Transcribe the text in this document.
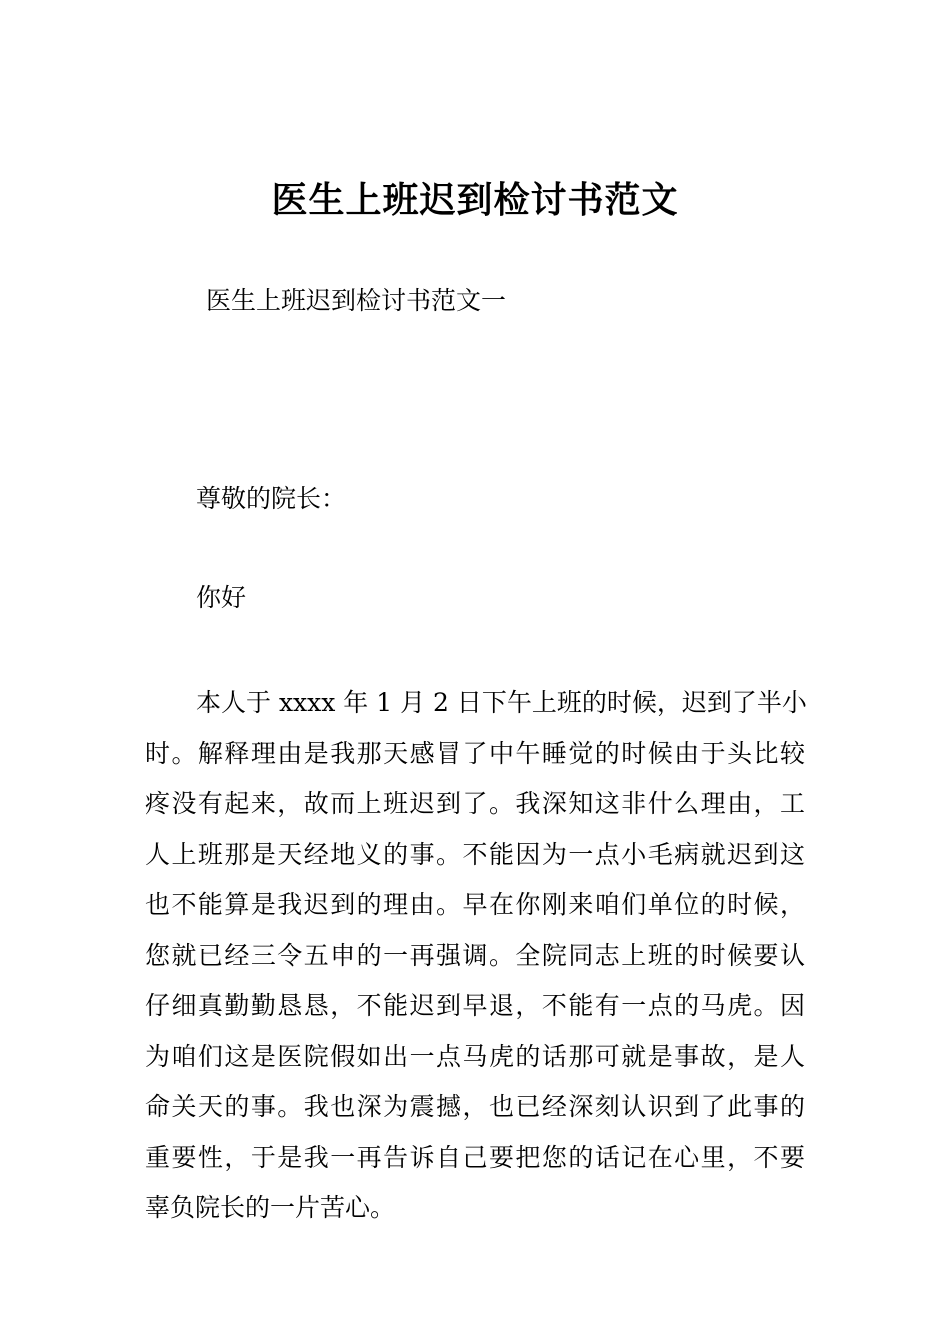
医生上班迟到检讨书范文
医生上班迟到检讨书范文一
尊敬的院长：
你好
本人于 xxxx 年 1 月 2 日下午上班的时候，迟到了半小
时。解释理由是我那天感冒了中午睡觉的时候由于头比较
疼没有起来，故而上班迟到了。我深知这非什么理由，工
人上班那是天经地义的事。不能因为一点小毛病就迟到这
也不能算是我迟到的理由。早在你刚来咱们单位的时候，
您就已经三令五申的一再强调。全院同志上班的时候要认
仔细真勤勤恳恳，不能迟到早退，不能有一点的马虎。因
为咱们这是医院假如出一点马虎的话那可就是事故，是人
命关天的事。我也深为震撼，也已经深刻认识到了此事的
重要性，于是我一再告诉自己要把您的话记在心里，不要
辜负院长的一片苦心。
